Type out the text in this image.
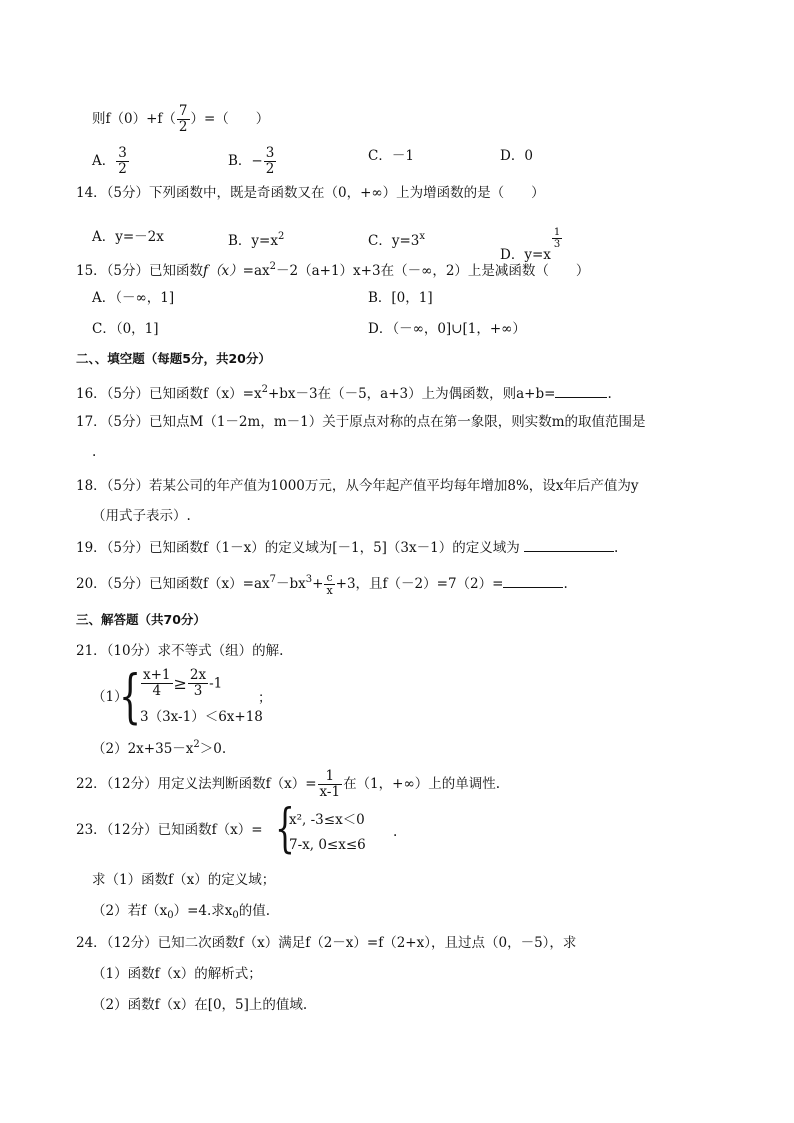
则$f(0)+f( \frac{7}{2}$ ）=（　　）
A． $\frac{3}{2}$	B．− $\frac{3}{2}$	C．－1	D．0
14．（5分）下列函数中，既是奇函数又在（0，+∞）上为增函数的是（　　）
A．y=－2x	B．$y=x^2$	C．$y=3^x$
D．y=x
$\frac{1}{3}$
15．（5分）已知函数$f(x)=ax^2-2(a+1)x+3$在（－∞，2）上是减函数（　　）
A．（－∞，1]	B．[0，1]
C．（0，1]	D．（－∞，0]∪[1，+∞）
二、、填空题（每题5分，共20分）
16．（5分）已知函数$f(x)=x^2+bx-3$在（－5，a+3）上为偶函数，则a+b=	.
17．（5分）已知点M（1－2m，m－1）关于原点对称的点在第一象限，则实数m的取值范围是
.
18．（5分）若某公司的年产值为1000万元，从今年起产值平均每年增加8%，设x年后产值为y
（用式子表示）.
19．（5分）已知函数f（1－x）的定义域为[－1，5]（3x－1）的定义域为	.
20．（5分）已知函数$f(x)=ax^7-bx^3+ \frac{c}{x} +3$，且f（－2）=7（2）=	.
三、解答题（共70分）
21．（10分）求不等式（组）的解.
（1）
{ $\frac{x+1}{4} \ge \frac{2x}{3} -1$
3（3x-1）＜6x+18
；
$(2)2x+35-x^2>0$.
22．（12分）用定义法判断函数$f(x)= \frac{1}{x-1}$ 在（1，+∞）上的单调性.
23．（12分）已知函数f（x）= {
x², -3≤x＜0
7-x, 0≤x≤6
.
求（1）函数f（x）的定义域；
（2）若$f(x_0)=4$.求$x_0$的值.
24．（12分）已知二次函数f（x）满足f（2－x）=f（2+x），且过点（0，－5），求
（1）函数f（x）的解析式；
（2）函数f（x）在[0，5]上的值域.
